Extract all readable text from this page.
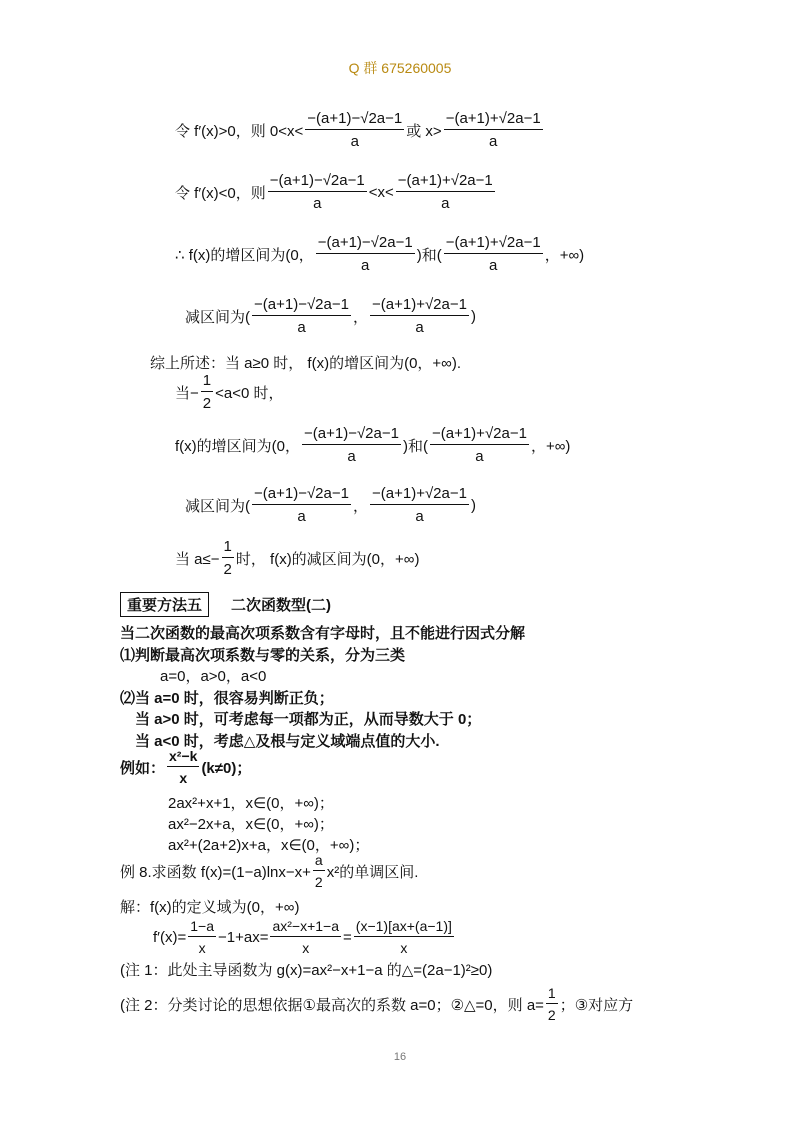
Q 群 675260005
令 f′(x)>0，则 $0<x< \frac{-(a+1)-√2a-1}{a}$ 或 $x> \frac{-(a+1)+√2a-1}{a}$
令 f′(x)<0，则 $\frac{-(a+1)-√2a-1}{a} <x< \frac{-(a+1)+√2a-1}{a}$
∴ f(x)的增区间为(0， $\frac{-(a+1)-√2a-1}{a}$ )和( $\frac{-(a+1)+√2a-1}{a}$ ，+∞)
减区间为( $\frac{-(a+1)-√2a-1}{a}$ ， $\frac{-(a+1)+√2a-1}{a}$ )
综上所述：当 a≥0 时， f(x)的增区间为(0，+∞).
当− $\frac{1}{2} <a<0$ 时，
f(x)的增区间为(0， $\frac{-(a+1)-√2a-1}{a}$ )和( $\frac{-(a+1)+√2a-1}{a}$ ，+∞)
减区间为( $\frac{-(a+1)-√2a-1}{a}$ ， $\frac{-(a+1)+√2a-1}{a}$ )
当 $a\le- \frac{1}{2}$ 时， f(x)的减区间为(0，+∞)
重要方法五	二次函数型(二)
当二次函数的最高次项系数含有字母时，且不能进行因式分解
⑴判断最高次项系数与零的关系，分为三类
a=0，a>0，a<0
⑵当 a=0 时，很容易判断正负；
当 a>0 时，可考虑每一项都为正，从而导数大于 0；
当 a<0 时，考虑△及根与定义域端点值的大小.
例如： $\frac{\text{x²−k}}{x} (k\ne 0)$；
2ax²+x+1，x∈(0，+∞)；
ax²−2x+a，x∈(0，+∞)；
ax²+(2a+2)x+a，x∈(0，+∞)；
例 8.求函数 $f(x)=(1-a)\ln x-x+ \frac{a}{2} x^2$的单调区间.
解：f(x)的定义域为(0，+∞)
$f'(x)= \frac{1-a}{x} -1+ax= \frac{\text{ax²−x+1−a}}{x} = \frac{(x-1)[ax+(a-1)]}{x}$
(注 1：此处主导函数为 g(x)=ax²−x+1−a 的△=(2a−1)²≥0)
(注 2：分类讨论的思想依据①最高次的系数 a=0；②△=0，则 $a= \frac{1}{2}$ ；③对应方
16
